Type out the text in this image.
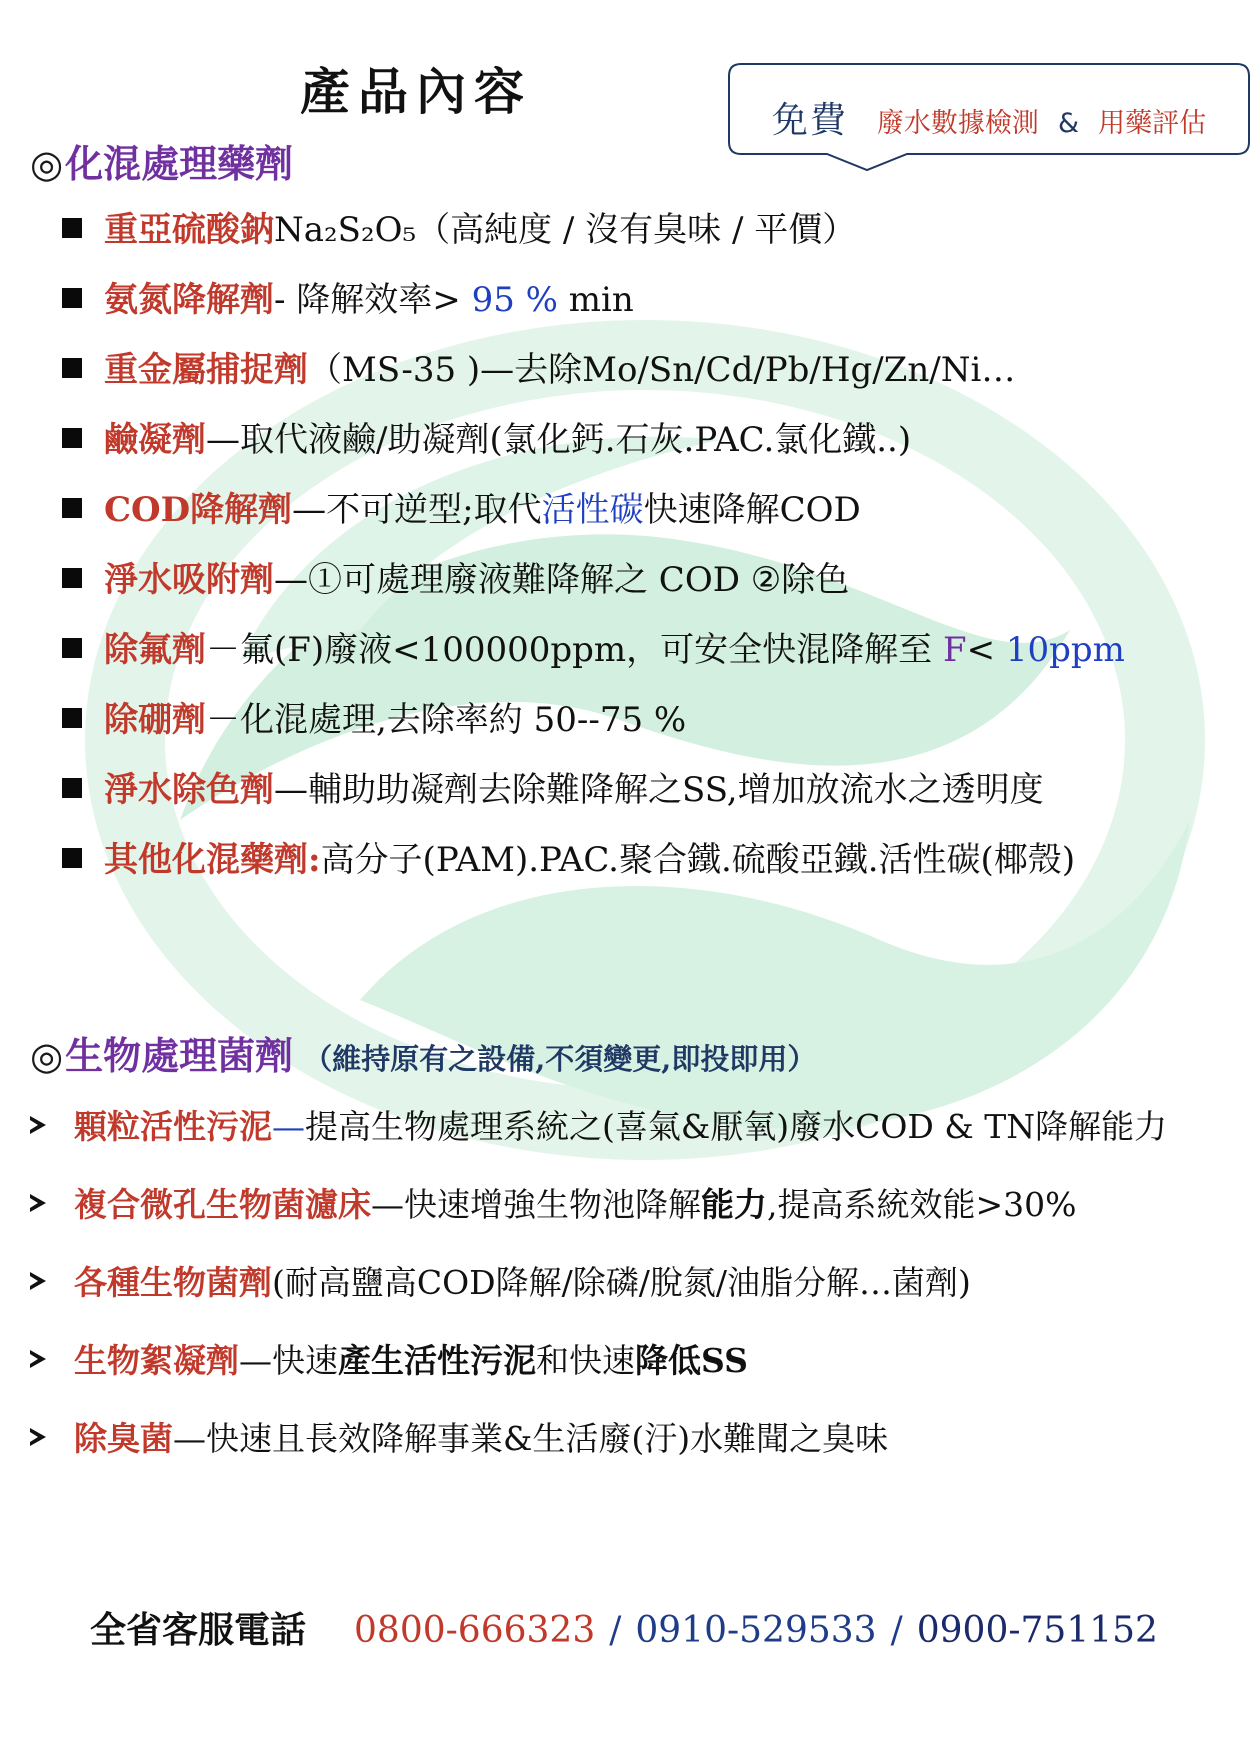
產品內容	免費 廢水數據檢測 & 用藥評估
◎化混處理藥劑
重亞硫酸鈉Na₂S₂O₅（高純度 / 沒有臭味 / 平價）
氨氮降解劑- 降解效率> 95 % min
重金屬捕捉劑（MS-35 )—去除Mo/Sn/Cd/Pb/Hg/Zn/Ni…
鹼凝劑—取代液鹼/助凝劑(氯化鈣.石灰.PAC.氯化鐵..)
COD降解劑—不可逆型;取代活性碳快速降解COD
淨水吸附劑—①可處理廢液難降解之 COD ②除色
除氟劑－氟(F)廢液<100000ppm，可安全快混降解至 F< 10ppm
除硼劑－化混處理,去除率約 50--75 %
淨水除色劑—輔助助凝劑去除難降解之SS,增加放流水之透明度
其他化混藥劑:高分子(PAM).PAC.聚合鐵.硫酸亞鐵.活性碳(椰殼)
◎生物處理菌劑 （維持原有之設備,不須變更,即投即用）
顆粒活性污泥—提高生物處理系統之(喜氣&厭氧)廢水COD & TN降解能力
複合微孔生物菌濾床—快速增強生物池降解能力,提高系統效能>30%
各種生物菌劑(耐高鹽高COD降解/除磷/脫氮/油脂分解…菌劑)
生物絮凝劑—快速產生活性污泥和快速降低SS
除臭菌—快速且長效降解事業&生活廢(汙)水難聞之臭味
全省客服電話 0800-666323 / 0910-529533 / 0900-751152
